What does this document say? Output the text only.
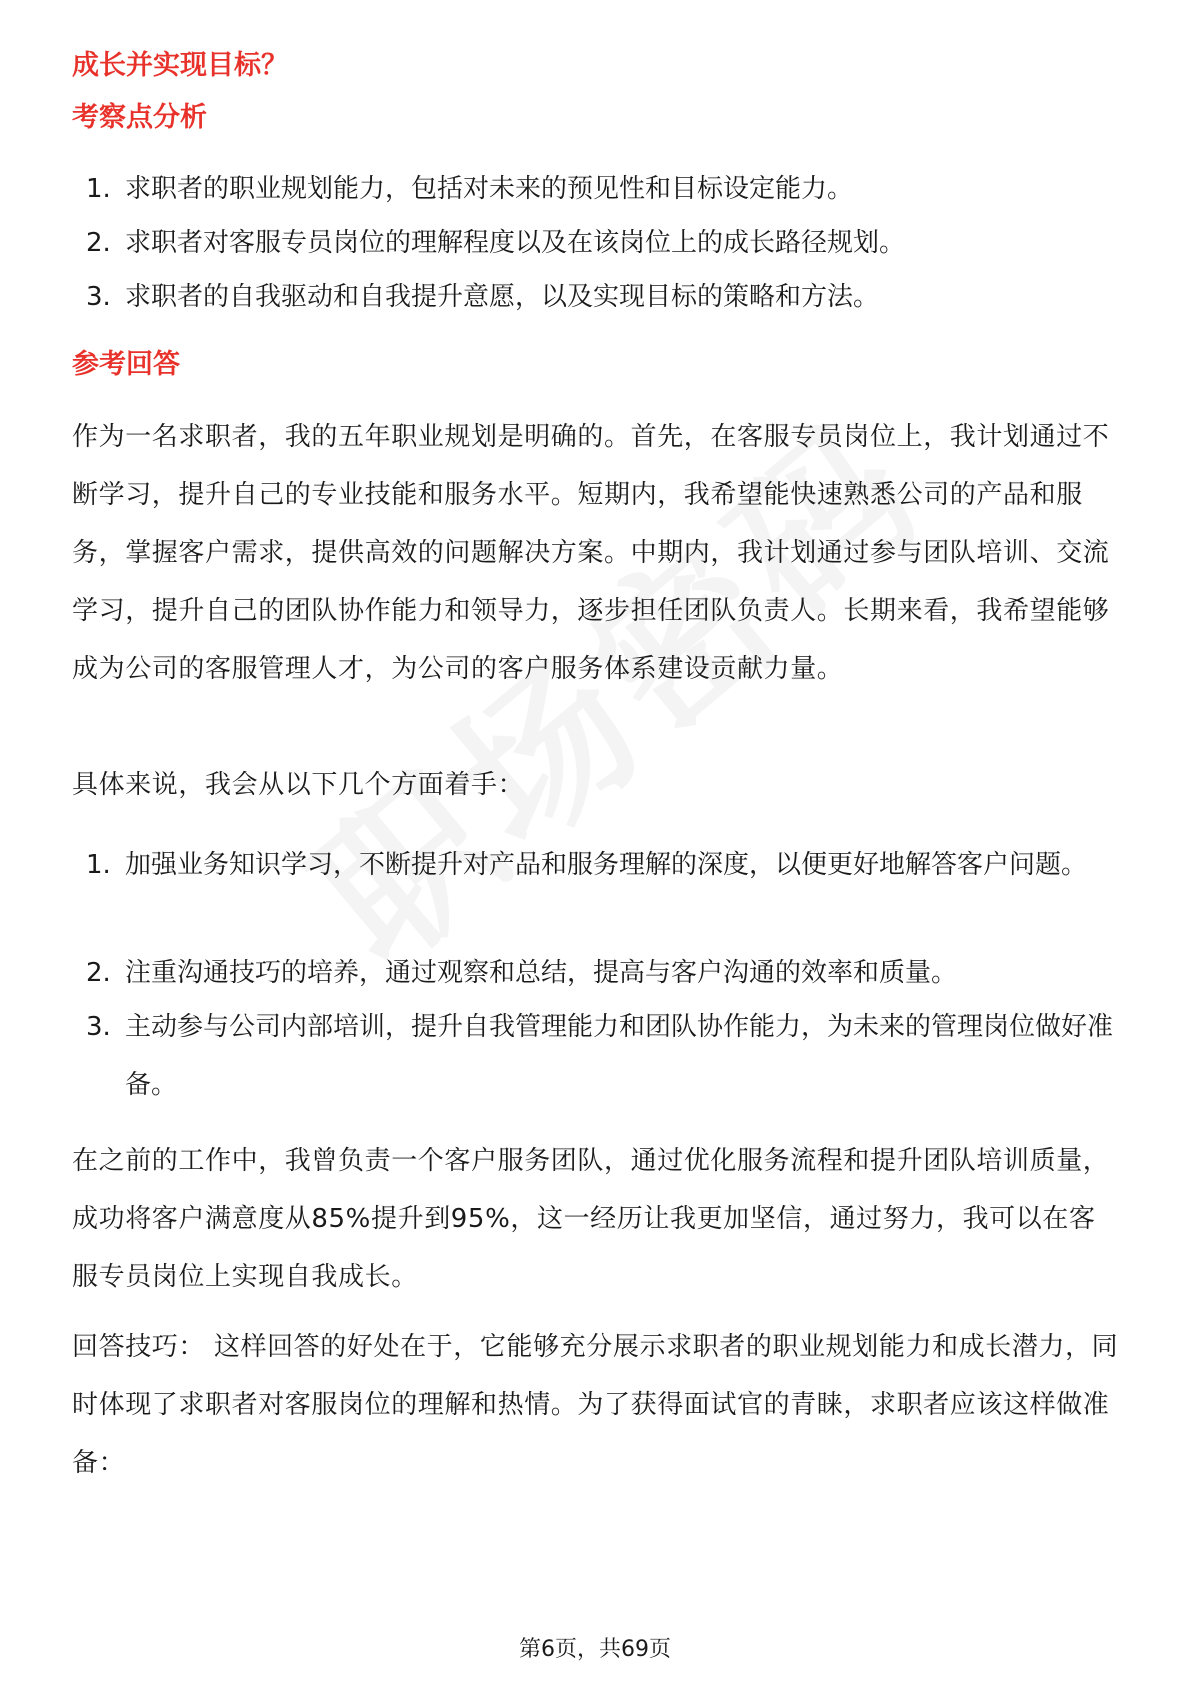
成长并实现目标？
考察点分析
1. 求职者的职业规划能力，包括对未来的预见性和目标设定能力。
2. 求职者对客服专员岗位的理解程度以及在该岗位上的成长路径规划。
3. 求职者的自我驱动和自我提升意愿，以及实现目标的策略和方法。
参考回答
作为一名求职者，我的五年职业规划是明确的。首先，在客服专员岗位上，我计划通过不断学习，提升自己的专业技能和服务水平。短期内，我希望能快速熟悉公司的产品和服务，掌握客户需求，提供高效的问题解决方案。中期内，我计划通过参与团队培训、交流学习，提升自己的团队协作能力和领导力，逐步担任团队负责人。长期来看，我希望能够成为公司的客服管理人才，为公司的客户服务体系建设贡献力量。
具体来说，我会从以下几个方面着手：
1. 加强业务知识学习，不断提升对产品和服务理解的深度，以便更好地解答客户问题。
2. 注重沟通技巧的培养，通过观察和总结，提高与客户沟通的效率和质量。
3. 主动参与公司内部培训，提升自我管理能力和团队协作能力，为未来的管理岗位做好准备。
在之前的工作中，我曾负责一个客户服务团队，通过优化服务流程和提升团队培训质量，成功将客户满意度从85%提升到95%，这一经历让我更加坚信，通过努力，我可以在客服专员岗位上实现自我成长。
回答技巧： 这样回答的好处在于，它能够充分展示求职者的职业规划能力和成长潜力，同时体现了求职者对客服岗位的理解和热情。为了获得面试官的青睐，求职者应该这样做准备：
第6页，共69页
